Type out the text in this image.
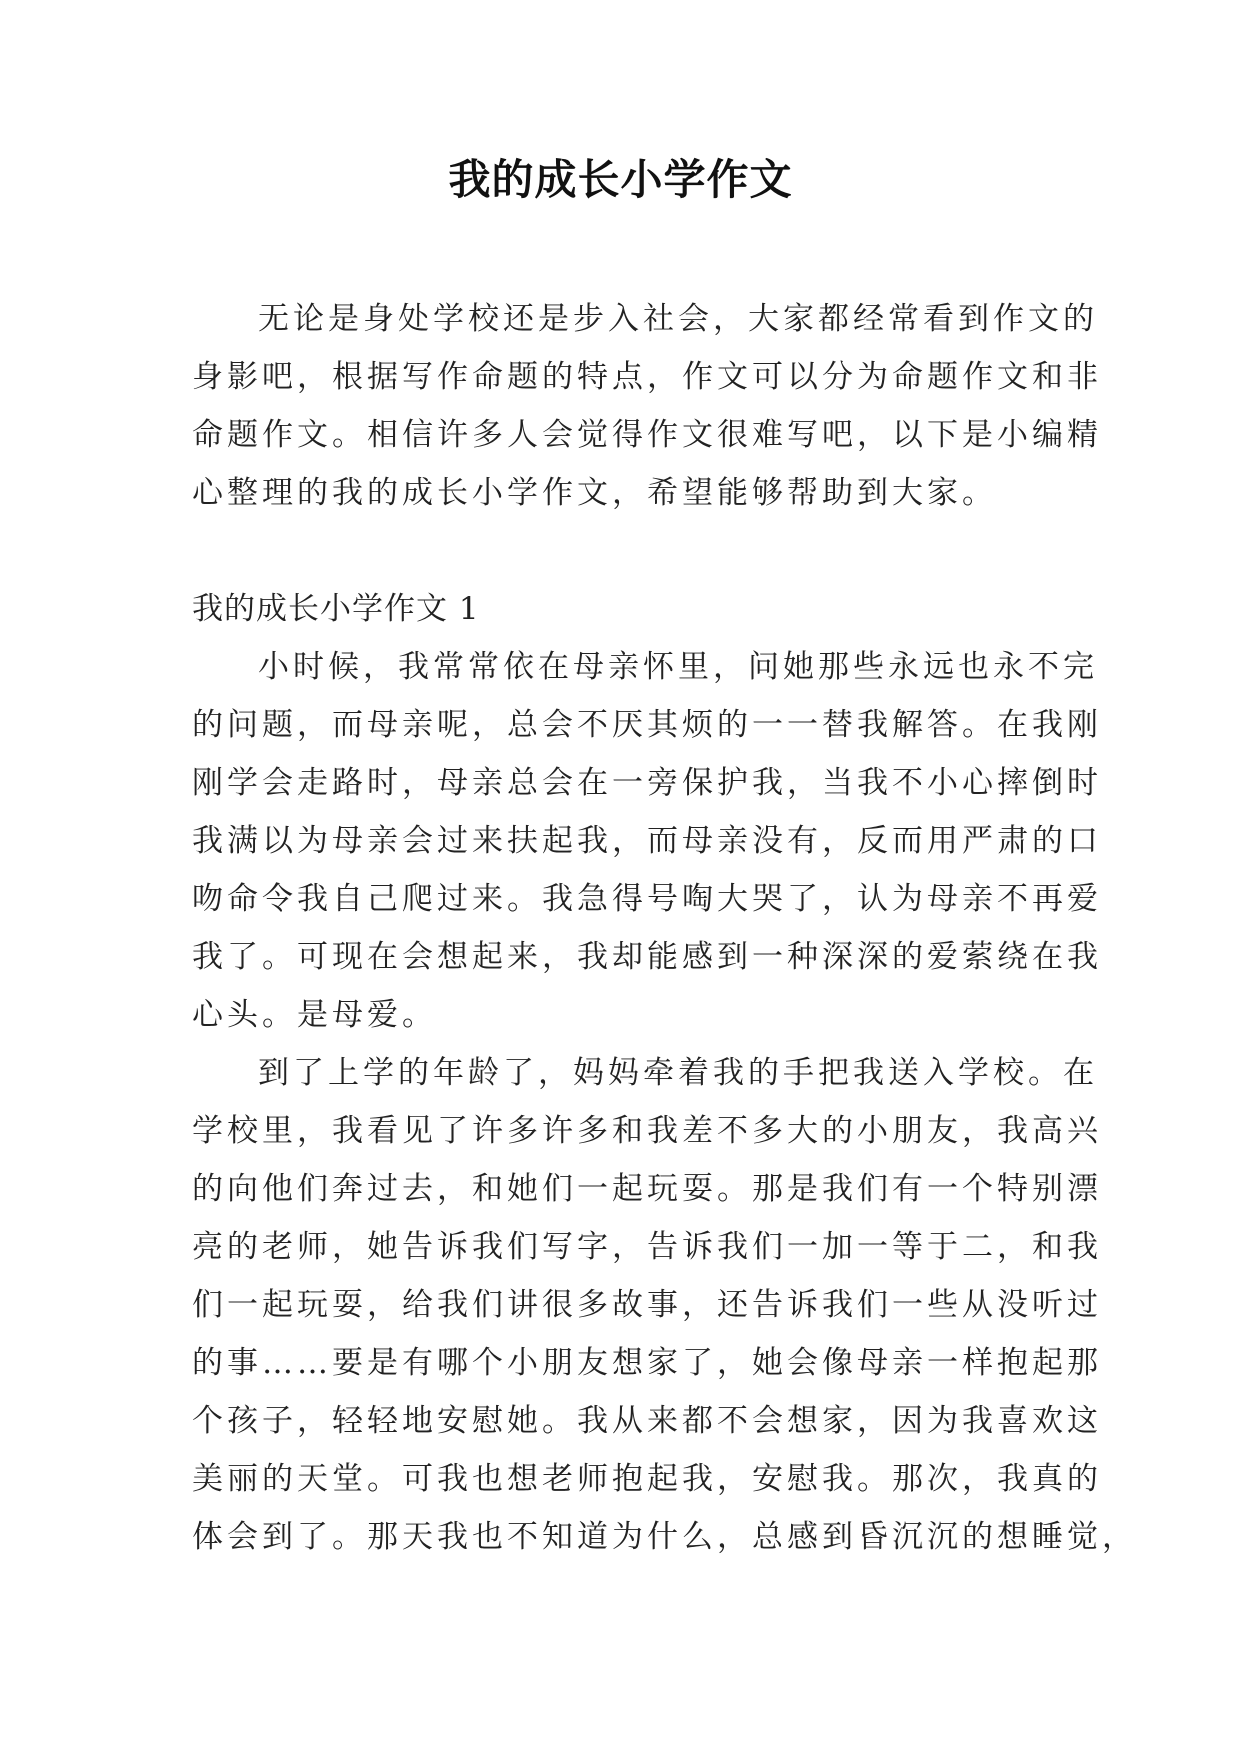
我的成长小学作文
无论是身处学校还是步入社会，大家都经常看到作文的
身影吧，根据写作命题的特点，作文可以分为命题作文和非
命题作文。相信许多人会觉得作文很难写吧，以下是小编精
心整理的我的成长小学作文，希望能够帮助到大家。
我的成长小学作文 1
小时候，我常常依在母亲怀里，问她那些永远也永不完
的问题，而母亲呢，总会不厌其烦的一一替我解答。在我刚
刚学会走路时，母亲总会在一旁保护我，当我不小心摔倒时
我满以为母亲会过来扶起我，而母亲没有，反而用严肃的口
吻命令我自己爬过来。我急得号啕大哭了，认为母亲不再爱
我了。可现在会想起来，我却能感到一种深深的爱萦绕在我
心头。是母爱。
到了上学的年龄了，妈妈牵着我的手把我送入学校。在
学校里，我看见了许多许多和我差不多大的小朋友，我高兴
的向他们奔过去，和她们一起玩耍。那是我们有一个特别漂
亮的老师，她告诉我们写字，告诉我们一加一等于二，和我
们一起玩耍，给我们讲很多故事，还告诉我们一些从没听过
的事……要是有哪个小朋友想家了，她会像母亲一样抱起那
个孩子，轻轻地安慰她。我从来都不会想家，因为我喜欢这
美丽的天堂。可我也想老师抱起我，安慰我。那次，我真的
体会到了。那天我也不知道为什么，总感到昏沉沉的想睡觉，
